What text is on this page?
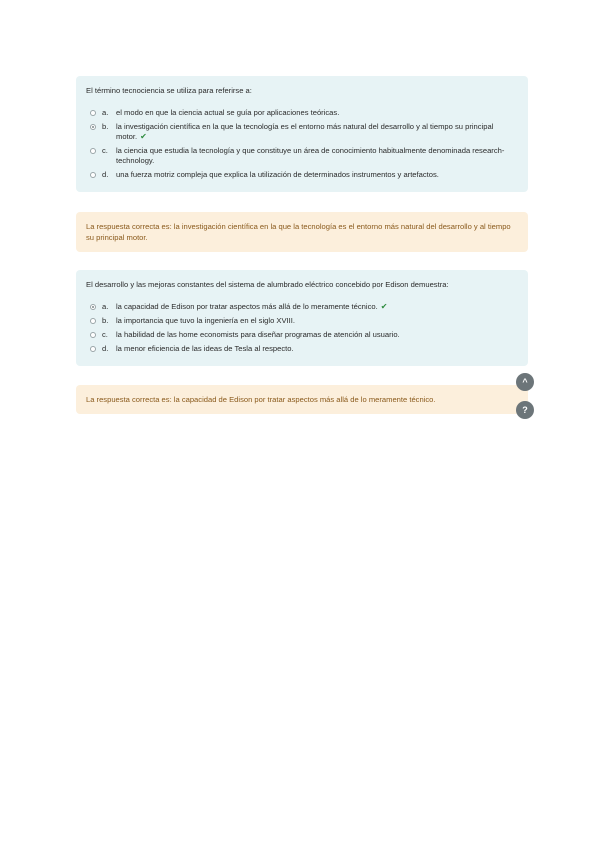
El término tecnociencia se utiliza para referirse a:
a.	el modo en que la ciencia actual se guía por aplicaciones teóricas.
b.	la investigación científica en la que la tecnología es el entorno más natural del desarrollo y al tiempo su principal motor. ✔
c.	la ciencia que estudia la tecnología y que constituye un área de conocimiento habitualmente denominada research-technology.
d.	una fuerza motriz compleja que explica la utilización de determinados instrumentos y artefactos.
La respuesta correcta es: la investigación científica en la que la tecnología es el entorno más natural del desarrollo y al tiempo su principal motor.
El desarrollo y las mejoras constantes del sistema de alumbrado eléctrico concebido por Edison demuestra:
a.	la capacidad de Edison por tratar aspectos más allá de lo meramente técnico. ✔
b.	la importancia que tuvo la ingeniería en el siglo XVIII.
c.	la habilidad de las home economists para diseñar programas de atención al usuario.
d.	la menor eficiencia de las ideas de Tesla al respecto.
La respuesta correcta es: la capacidad de Edison por tratar aspectos más allá de lo meramente técnico.
^
?
